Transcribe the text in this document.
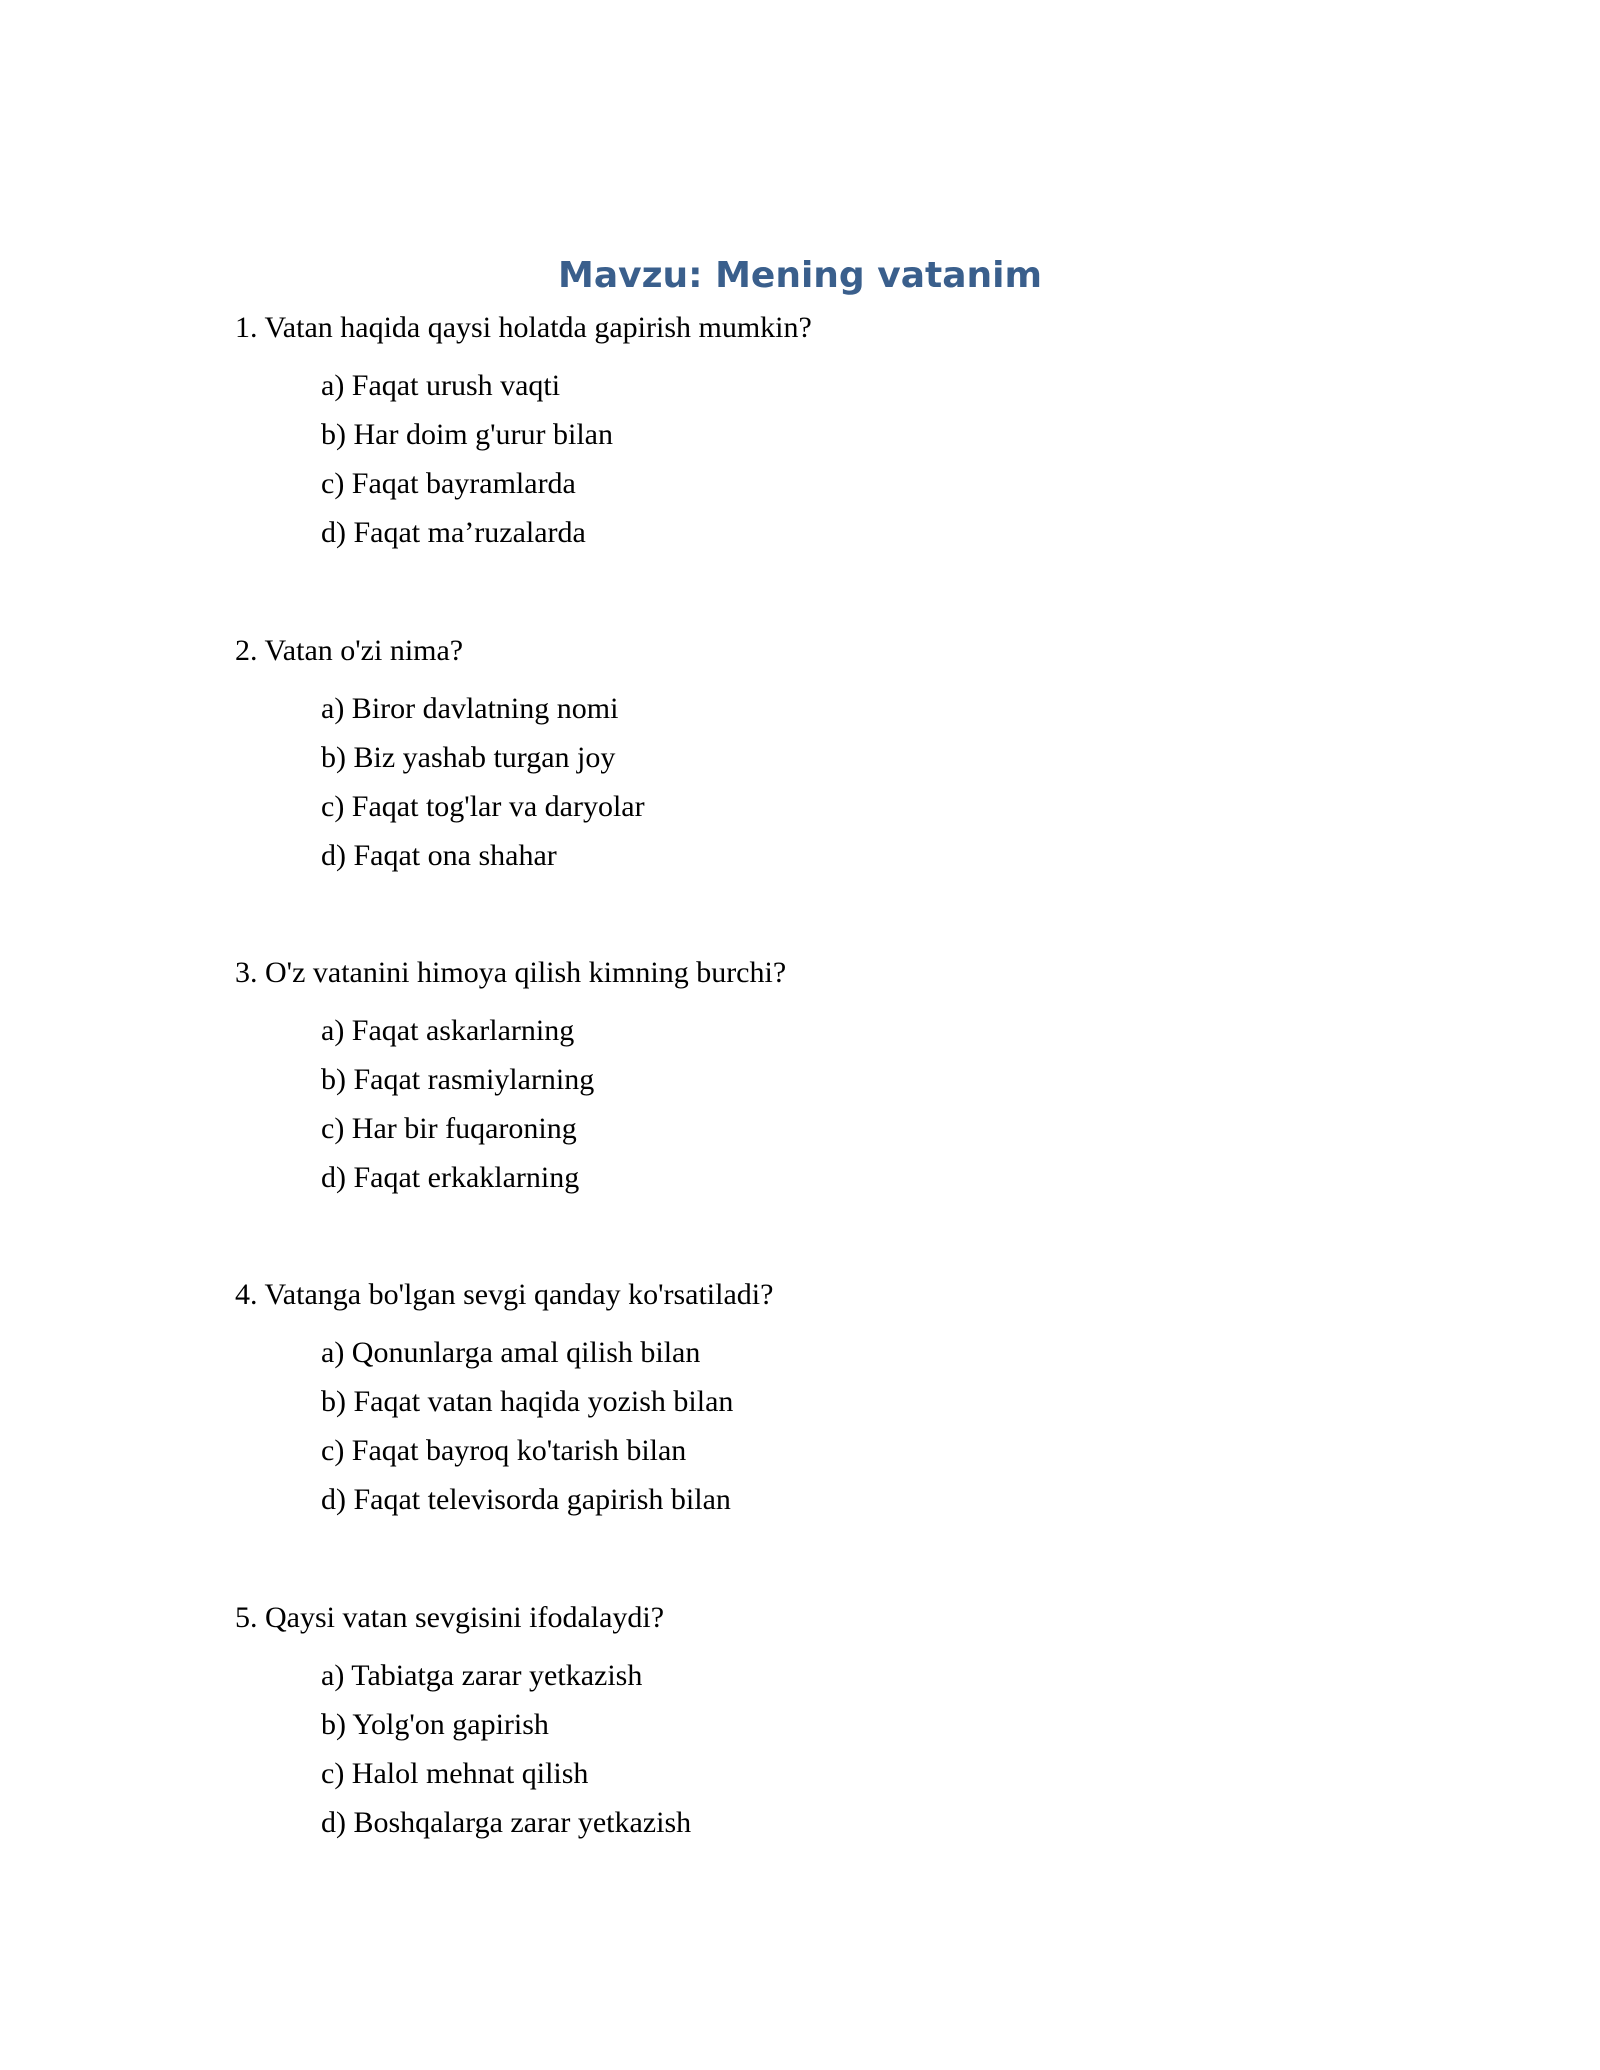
Mavzu: Mening vatanim

1. Vatan haqida qaysi holatda gapirish mumkin?

a) Faqat urush vaqti
b) Har doim g'urur bilan
c) Faqat bayramlarda
d) Faqat ma’ruzalarda

2. Vatan o'zi nima?

a) Biror davlatning nomi
b) Biz yashab turgan joy
c) Faqat tog'lar va daryolar
d) Faqat ona shahar

3. O'z vatanini himoya qilish kimning burchi?

a) Faqat askarlarning
b) Faqat rasmiylarning
c) Har bir fuqaroning
d) Faqat erkaklarning

4. Vatanga bo'lgan sevgi qanday ko'rsatiladi?

a) Qonunlarga amal qilish bilan
b) Faqat vatan haqida yozish bilan
c) Faqat bayroq ko'tarish bilan
d) Faqat televisorda gapirish bilan

5. Qaysi vatan sevgisini ifodalaydi?

a) Tabiatga zarar yetkazish
b) Yolg'on gapirish
c) Halol mehnat qilish
d) Boshqalarga zarar yetkazish
